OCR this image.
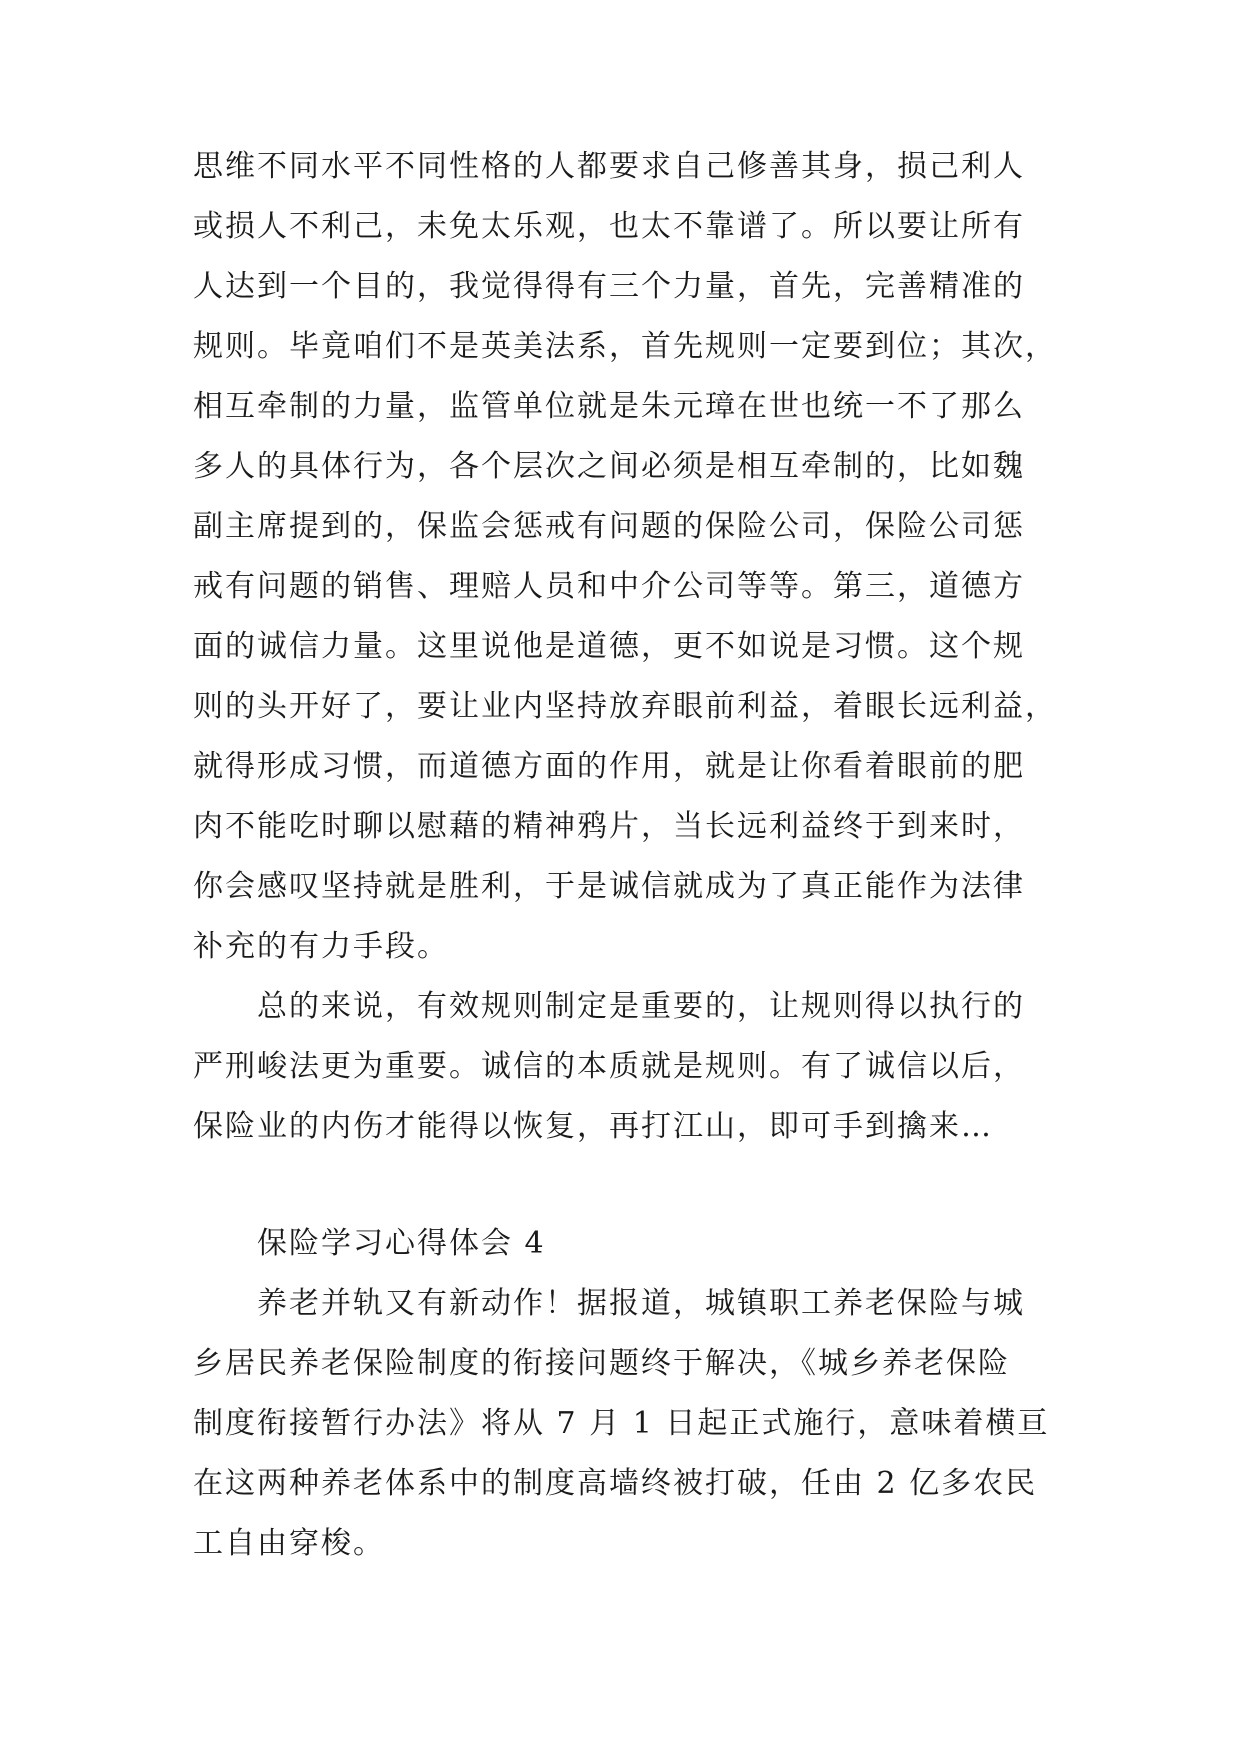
思维不同水平不同性格的人都要求自己修善其身，损己利人
或损人不利己，未免太乐观，也太不靠谱了。所以要让所有
人达到一个目的，我觉得得有三个力量，首先，完善精准的
规则。毕竟咱们不是英美法系，首先规则一定要到位；其次，
相互牵制的力量，监管单位就是朱元璋在世也统一不了那么
多人的具体行为，各个层次之间必须是相互牵制的，比如魏
副主席提到的，保监会惩戒有问题的保险公司，保险公司惩
戒有问题的销售、理赔人员和中介公司等等。第三，道德方
面的诚信力量。这里说他是道德，更不如说是习惯。这个规
则的头开好了，要让业内坚持放弃眼前利益，着眼长远利益，
就得形成习惯，而道德方面的作用，就是让你看着眼前的肥
肉不能吃时聊以慰藉的精神鸦片，当长远利益终于到来时，
你会感叹坚持就是胜利，于是诚信就成为了真正能作为法律
补充的有力手段。
总的来说，有效规则制定是重要的，让规则得以执行的
严刑峻法更为重要。诚信的本质就是规则。有了诚信以后，
保险业的内伤才能得以恢复，再打江山，即可手到擒来…
保险学习心得体会 4
养老并轨又有新动作！据报道，城镇职工养老保险与城
乡居民养老保险制度的衔接问题终于解决，《城乡养老保险
制度衔接暂行办法》将从 7 月 1 日起正式施行，意味着横亘
在这两种养老体系中的制度高墙终被打破，任由 2 亿多农民
工自由穿梭。
